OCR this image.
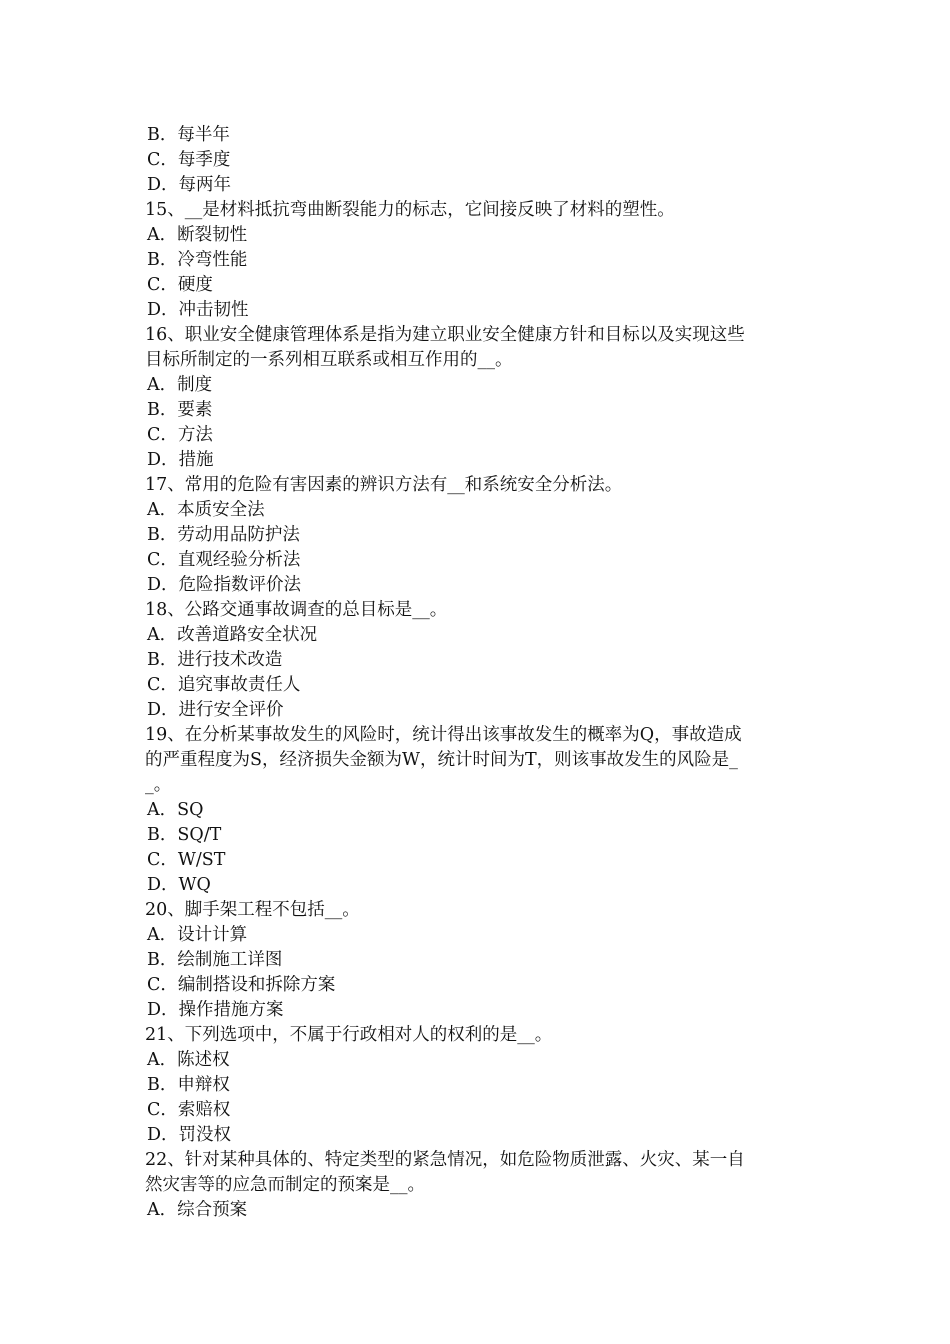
B．每半年
C．每季度
D．每两年
15、__是材料抵抗弯曲断裂能力的标志，它间接反映了材料的塑性。
A．断裂韧性
B．冷弯性能
C．硬度
D．冲击韧性
16、职业安全健康管理体系是指为建立职业安全健康方针和目标以及实现这些
目标所制定的一系列相互联系或相互作用的__。
A．制度
B．要素
C．方法
D．措施
17、常用的危险有害因素的辨识方法有__和系统安全分析法。
A．本质安全法
B．劳动用品防护法
C．直观经验分析法
D．危险指数评价法
18、公路交通事故调查的总目标是__。
A．改善道路安全状况
B．进行技术改造
C．追究事故责任人
D．进行安全评价
19、在分析某事故发生的风险时，统计得出该事故发生的概率为Q，事故造成
的严重程度为S，经济损失金额为W，统计时间为T，则该事故发生的风险是_
_。
A．SQ
B．SQ/T
C．W/ST
D．WQ
20、脚手架工程不包括__。
A．设计计算
B．绘制施工详图
C．编制搭设和拆除方案
D．操作措施方案
21、下列选项中，不属于行政相对人的权利的是__。
A．陈述权
B．申辩权
C．索赔权
D．罚没权
22、针对某种具体的、特定类型的紧急情况，如危险物质泄露、火灾、某一自
然灾害等的应急而制定的预案是__。
A．综合预案
